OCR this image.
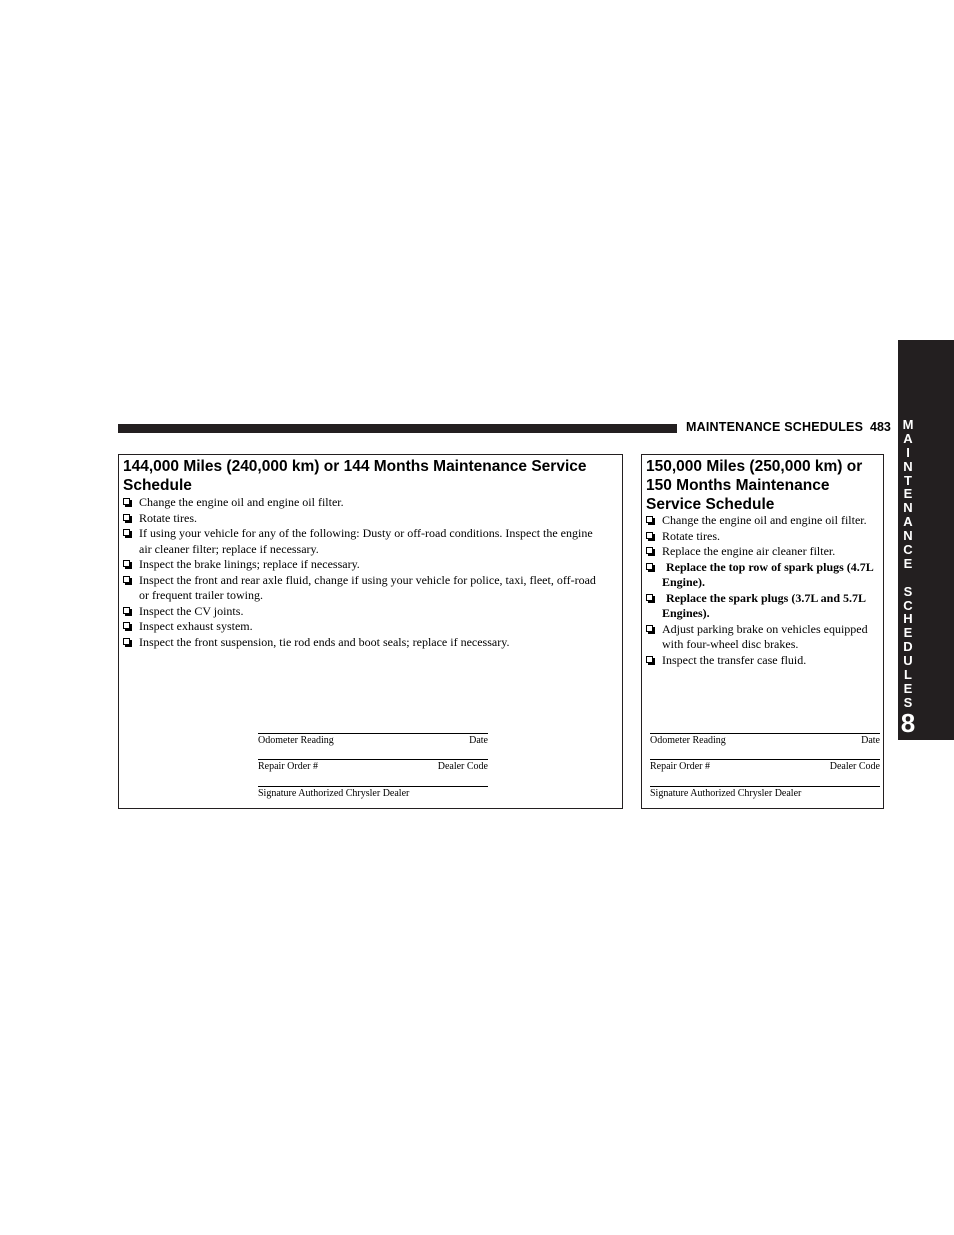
MAINTENANCE SCHEDULES 483 M
A
I
N
T
E
N
A
N
C
E
S
C
H
E
D
U
L
E
S
8
144,000 Miles (240,000 km) or 144 Months Maintenance Service Schedule
Change the engine oil and engine oil filter.
Rotate tires.
If using your vehicle for any of the following: Dusty or off-road conditions. Inspect the engine air cleaner filter; replace if necessary.
Inspect the brake linings; replace if necessary.
Inspect the front and rear axle fluid, change if using your vehicle for police, taxi, fleet, off-road or frequent trailer towing.
Inspect the CV joints.
Inspect exhaust system.
Inspect the front suspension, tie rod ends and boot seals; replace if necessary.
Odometer Reading	Date
Repair Order #	Dealer Code
Signature Authorized Chrysler Dealer
150,000 Miles (250,000 km) or 150 Months Maintenance Service Schedule
Change the engine oil and engine oil filter.
Rotate tires.
Replace the engine air cleaner filter.
Replace the top row of spark plugs (4.7L Engine).
Replace the spark plugs (3.7L and 5.7L Engines).
Adjust parking brake on vehicles equipped with four-wheel disc brakes.
Inspect the transfer case fluid.
Odometer Reading	Date
Repair Order #	Dealer Code
Signature Authorized Chrysler Dealer
